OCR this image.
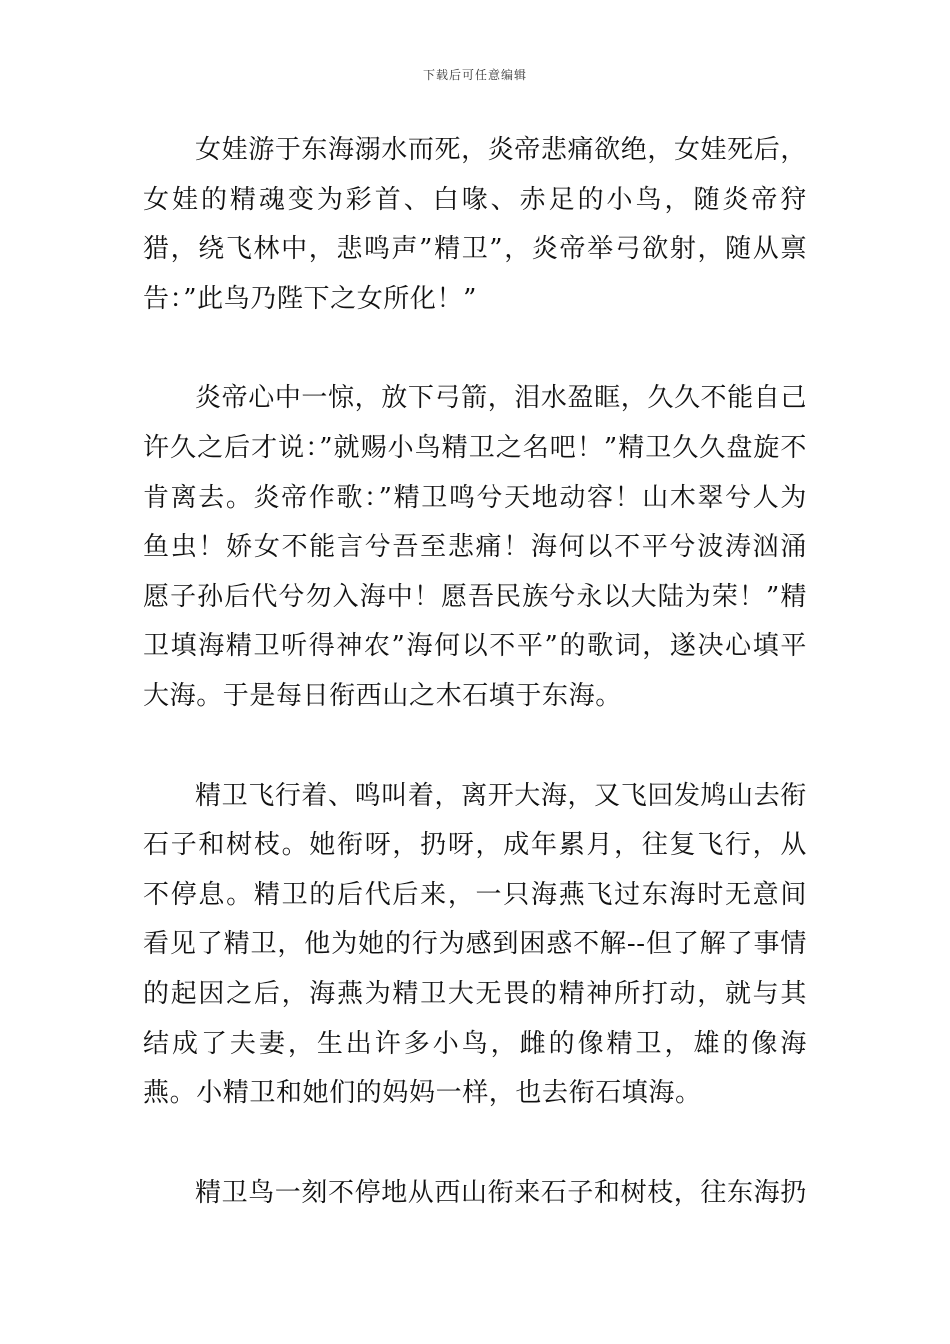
下载后可任意编辑

女娃游于东海溺水而死，炎帝悲痛欲绝，女娃死后，女娃的精魂变为彩首、白喙、赤足的小鸟，随炎帝狩猎，绕飞林中，悲鸣声”精卫”，炎帝举弓欲射，随从禀告：”此鸟乃陛下之女所化！”

炎帝心中一惊，放下弓箭，泪水盈眶，久久不能自己许久之后才说：”就赐小鸟精卫之名吧！”精卫久久盘旋不肯离去。炎帝作歌：”精卫鸣兮天地动容！山木翠兮人为鱼虫！娇女不能言兮吾至悲痛！海何以不平兮波涛汹涌愿子孙后代兮勿入海中！愿吾民族兮永以大陆为荣！”精卫填海精卫听得神农”海何以不平”的歌词，遂决心填平大海。于是每日衔西山之木石填于东海。

精卫飞行着、鸣叫着，离开大海，又飞回发鸠山去衔石子和树枝。她衔呀，扔呀，成年累月，往复飞行，从不停息。精卫的后代后来，一只海燕飞过东海时无意间看见了精卫，他为她的行为感到困惑不解--但了解了事情的起因之后，海燕为精卫大无畏的精神所打动，就与其结成了夫妻，生出许多小鸟，雌的像精卫，雄的像海燕。小精卫和她们的妈妈一样，也去衔石填海。

精卫鸟一刻不停地从西山衔来石子和树枝，往东海扔
